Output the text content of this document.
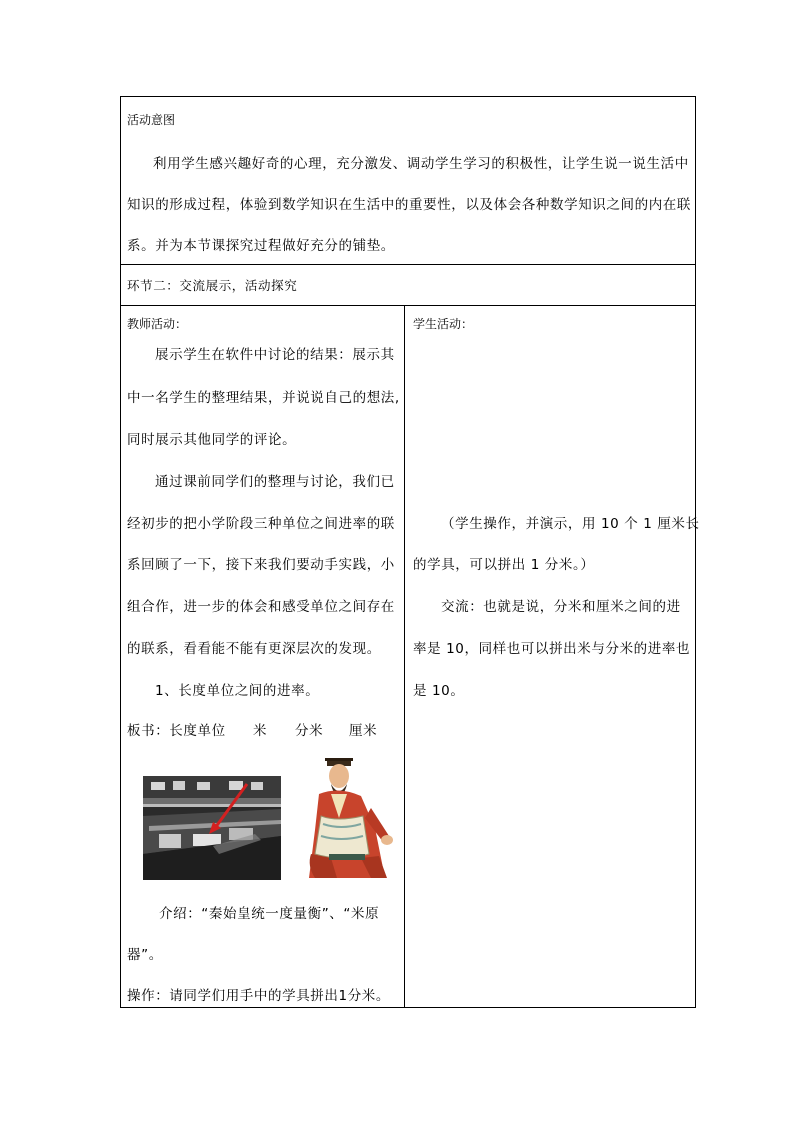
活动意图
利用学生感兴趣好奇的心理，充分激发、调动学生学习的积极性，让学生说一说生活中
知识的形成过程，体验到数学知识在生活中的重要性，以及体会各种数学知识之间的内在联
系。并为本节课探究过程做好充分的铺垫。
环节二：交流展示，活动探究
教师活动：
展示学生在软件中讨论的结果：展示其
中一名学生的整理结果，并说说自己的想法,
同时展示其他同学的评论。
通过课前同学们的整理与讨论，我们已
经初步的把小学阶段三种单位之间进率的联
系回顾了一下，接下来我们要动手实践，小
组合作，进一步的体会和感受单位之间存在
的联系，看看能不能有更深层次的发现。
1、长度单位之间的进率。
板书：长度单位 米 分米 厘米
介绍：“秦始皇统一度量衡”、“米原
器”。
操作：请同学们用手中的学具拼出1分米。
学生活动：
（学生操作，并演示，用 10 个 1 厘米长
的学具，可以拼出 1 分米。）
交流：也就是说，分米和厘米之间的进
率是 10，同样也可以拼出米与分米的进率也
是 10。
